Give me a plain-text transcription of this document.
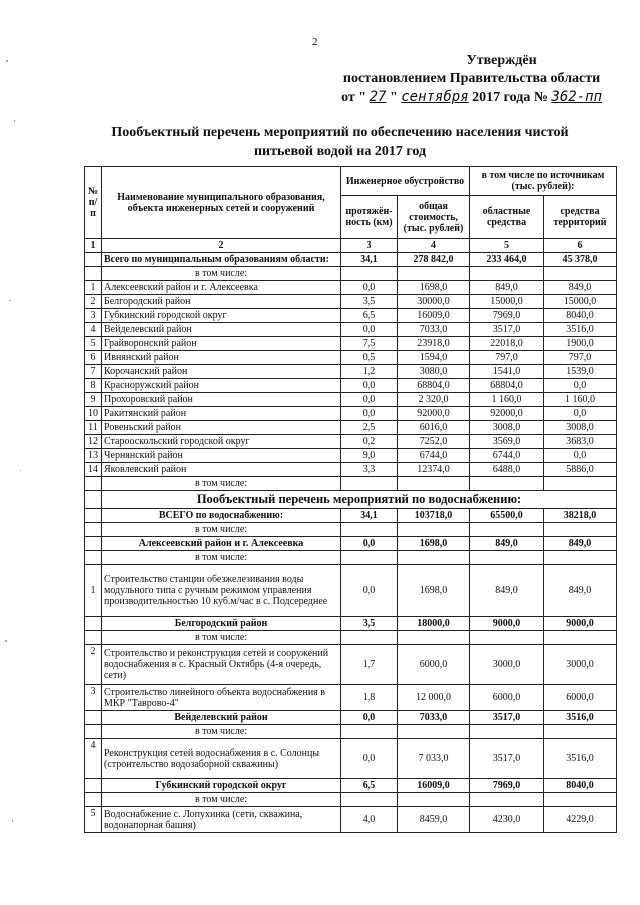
2
Утверждён
постановлением Правительства области
от " 27 " сентября 2017 года № 362-пп
Пообъектный перечень мероприятий по обеспечению населения чистой
питьевой водой на 2017 год
№ п/п	Наименование муниципального образования, объекта инженерных сетей и сооружений	Инженерное обустройство		в том числе по источникам (тыс. рублей):	
		протяжён-ность (км)	общая стоимость, (тыс. рублей)	областные средства	средства территорий
1	2	3	4	5	6
	Всего по муниципальным образованиям области:	34,1	278 842,0	233 464,0	45 378,0
	в том числе:				
1	Алексеевский район и г. Алексеевка	0,0	1698,0	849,0	849,0
2	Белгородский район	3,5	30000,0	15000,0	15000,0
3	Губкинский городской округ	6,5	16009,0	7969,0	8040,0
4	Вейделевский район	0,0	7033,0	3517,0	3516,0
5	Грайворонский район	7,5	23918,0	22018,0	1900,0
6	Ивнянский район	0,5	1594,0	797,0	797,0
7	Корочанский район	1,2	3080,0	1541,0	1539,0
8	Красноружский район	0,0	68804,0	68804,0	0,0
9	Прохоровский район	0,0	2 320,0	1 160,0	1 160,0
10	Ракитянский район	0,0	92000,0	92000,0	0,0
11	Ровеньский район	2,5	6016,0	3008,0	3008,0
12	Старооскольский городской округ	0,2	7252,0	3569,0	3683,0
13	Чернянский район	9,0	6744,0	6744,0	0,0
14	Яковлевский район	3,3	12374,0	6488,0	5886,0
	в том числе:				
	Пообъектный перечень мероприятий по водоснабжению:				
	ВСЕГО по водоснабжению:	34,1	103718,0	65500,0	38218,0
	в том числе:				
	Алексеевский район и г. Алексеевка	0,0	1698,0	849,0	849,0
	в том числе:				
1	Строительство станции обезжелезивания воды модульного типа с ручным режимом управления производительностью 10 куб.м/час в с. Подсереднее	0,0	1698,0	849,0	849,0
	Белгородский район	3,5	18000,0	9000,0	9000,0
	в том числе:				
2	Строительство и реконструкция сетей и сооружений водоснабжения в с. Красный Октябрь (4-я очередь, сети)	1,7	6000,0	3000,0	3000,0
3	Строительство линейного объекта водоснабжения в МКР "Таврово-4"	1,8	12 000,0	6000,0	6000,0
	Вейделевский район	0,0	7033,0	3517,0	3516,0
	в том числе:				
4	Реконструкция сетей водоснабжения в с. Солонцы (строительство водозаборной скважины)	0,0	7 033,0	3517,0	3516,0
	Губкинский городской округ	6,5	16009,0	7969,0	8040,0
	в том числе:				
5	Водоснабжение с. Лопухинка (сети, скважина, водонапорная башня)	4,0	8459,0	4230,0	4229,0
